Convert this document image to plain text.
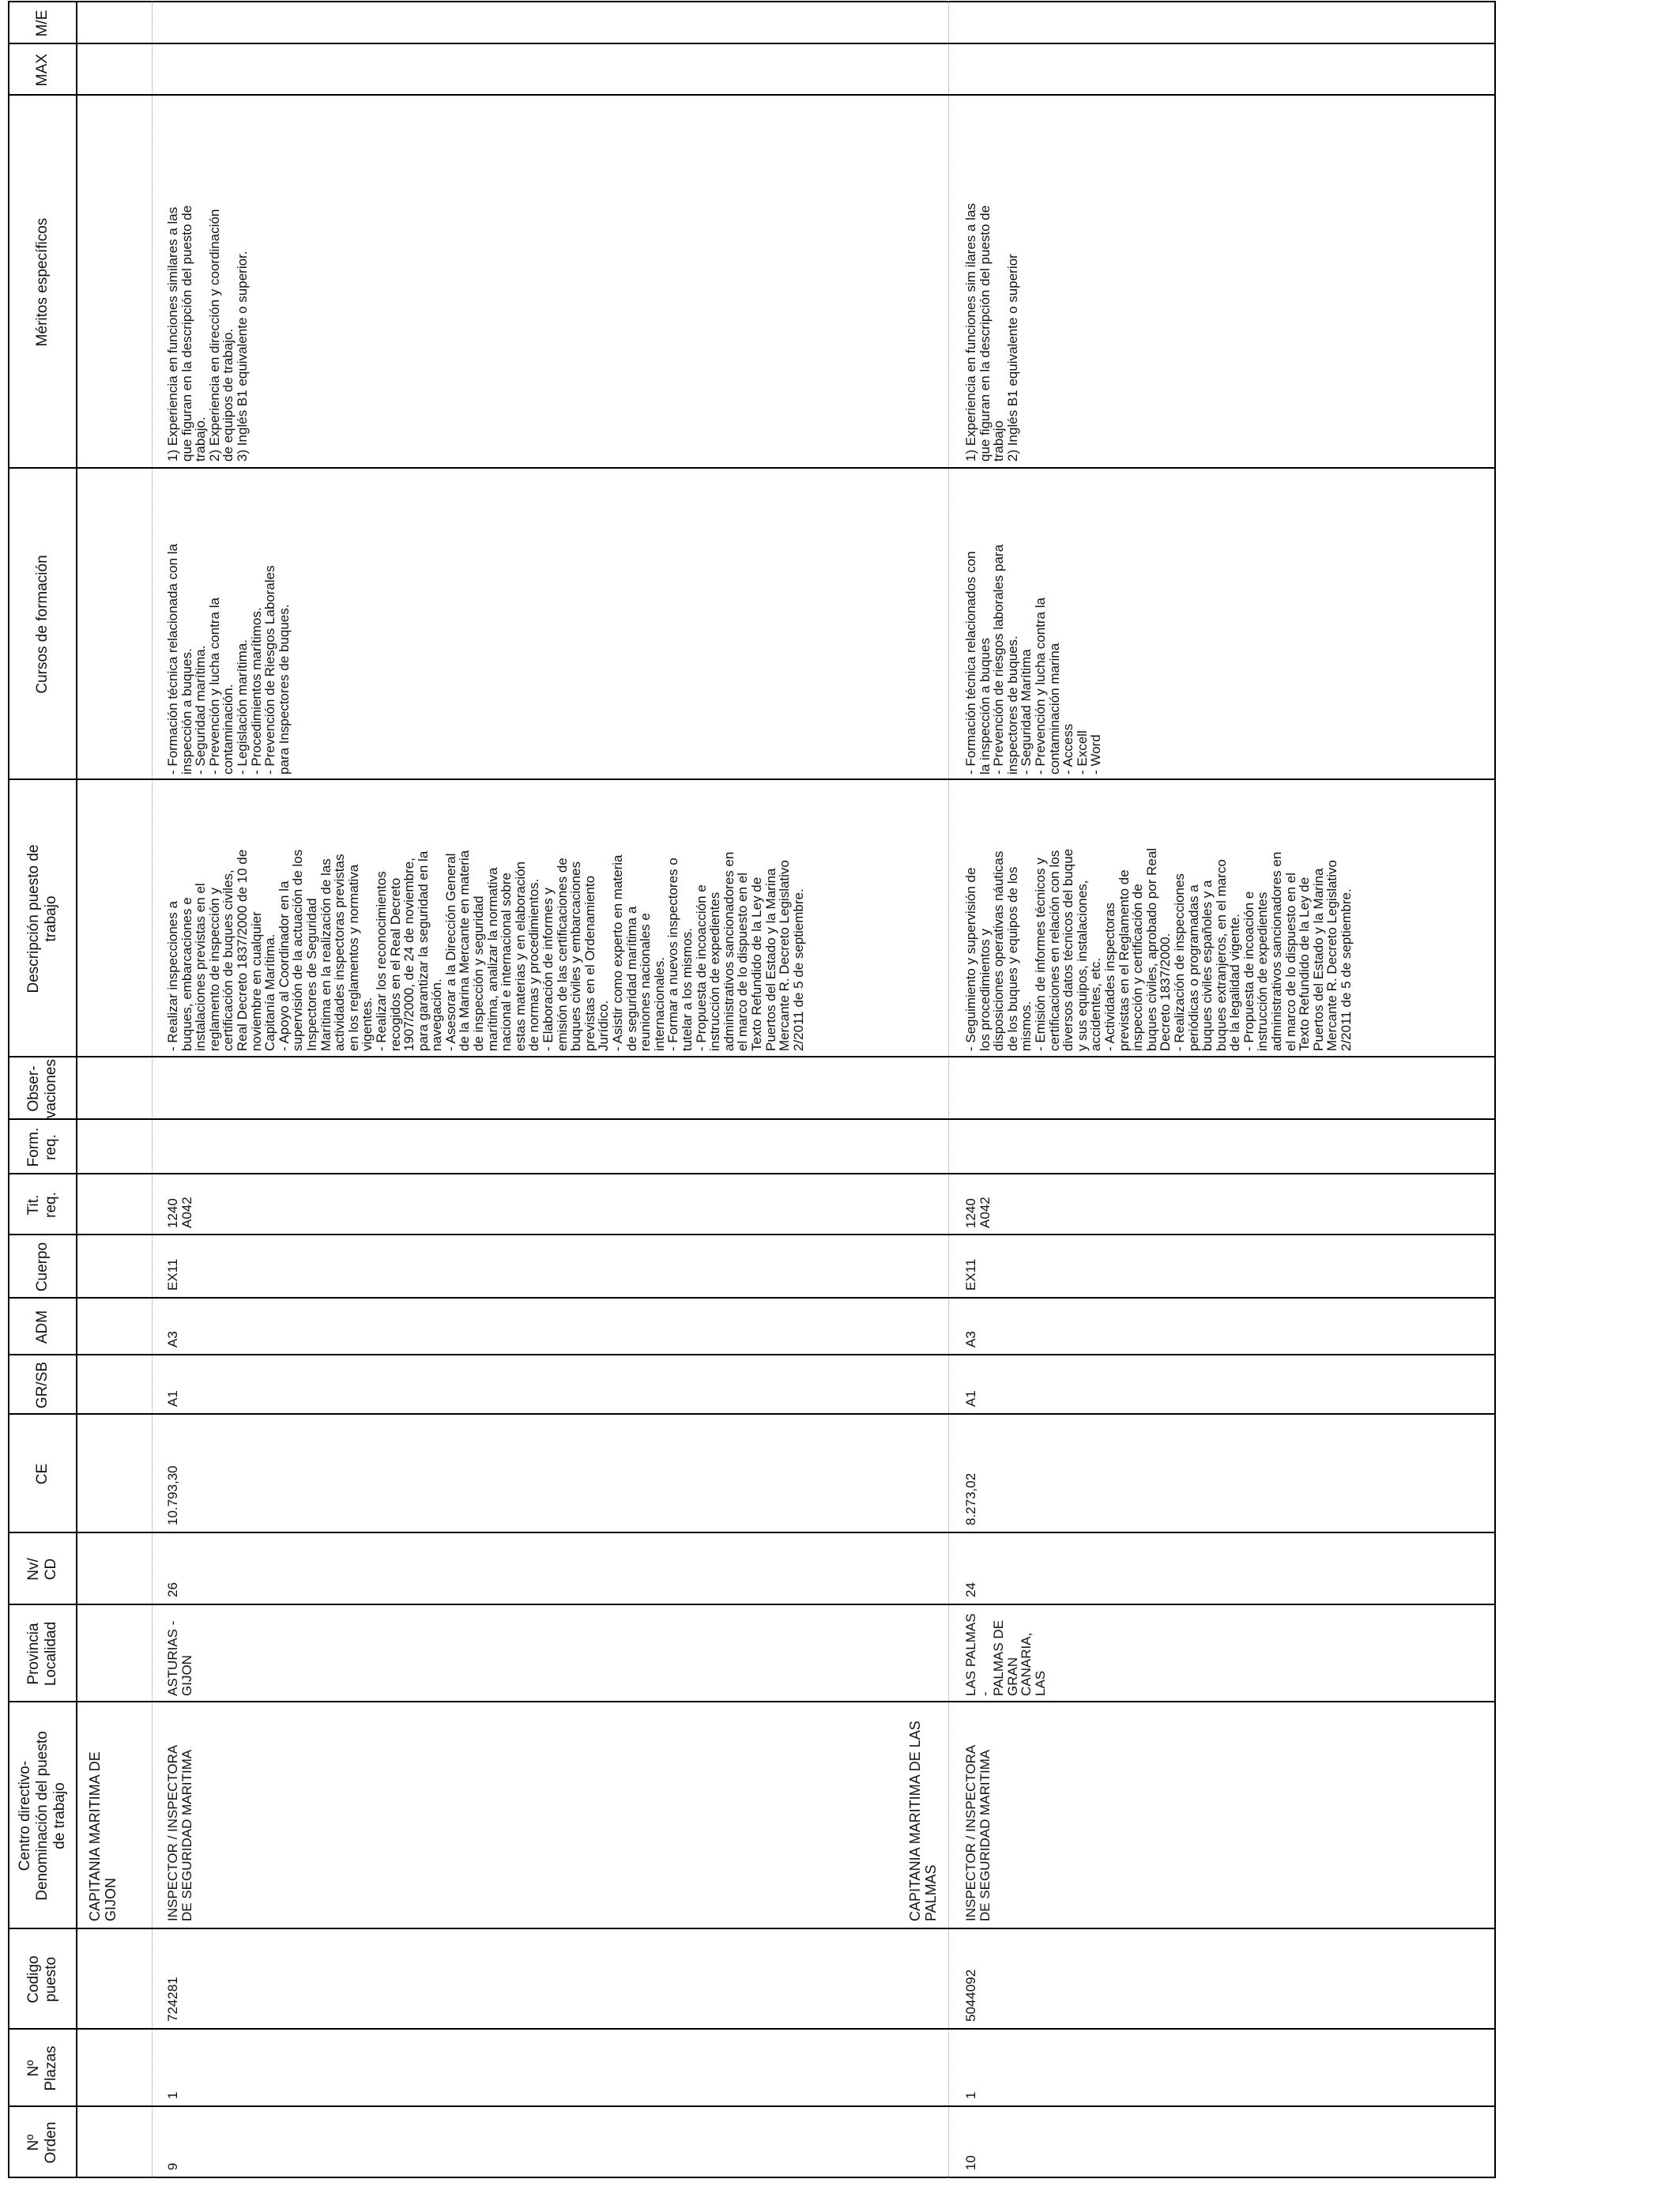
Nº
Orden
Nº
Plazas
Codigo
puesto
Centro directivo-
Denominación del puesto
de trabajo
Provincia
Localidad
Nv/
CD
CE
GR/SB
ADM
Cuerpo
Tit.
req.
Form.
req.
Obser-
vaciones
Descripción puesto de
trabajo
Cursos de formación
Méritos específicos
MAX
M/E
CAPITANIA MARITIMA DE
GIJON
9
1
724281
INSPECTOR / INSPECTORA
DE SEGURIDAD MARITIMA
ASTURIAS -
GIJON
26
10.793,30
A1
A3
EX11
1240
A042
- Realizar inspecciones a
buques, embarcaciones e
instalaciones previstas en el
reglamento de inspección y
certificación de buques civiles,
Real Decreto 1837/2000 de 10 de
noviembre en cualquier
Capitanía Marítima.
- Apoyo al Coordinador en la
supervisión de la actuación de los
Inspectores de Seguridad
Marítima en la realización de las
actividades inspectoras previstas
en los reglamentos y normativa
vigentes.
- Realizar los reconocimientos
recogidos en el Real Decreto
1907/2000, de 24 de noviembre,
para garantizar la seguridad en la
navegación.
- Asesorar a la Dirección General
de la Marina Mercante en materia
de inspección y seguridad
marítima, analizar la normativa
nacional e internacional sobre
estas materias y en elaboración
de normas y procedimientos.
- Elaboración de informes y
emisión de las certificaciones de
buques civiles y embarcaciones
previstas en el Ordenamiento
Jurídico.
- Asistir como experto en materia
de seguridad marítima a
reuniones nacionales e
internacionales.
- Formar a nuevos inspectores o
tutelar a los mismos.
- Propuesta de incoacción e
instrucción de expedientes
administrativos sancionadores en
el marco de lo dispuesto en el
Texto Refundido de la Ley de
Puertos del Estado y la Marina
Mercante R. Decreto Legislativo
2/2011 de 5 de septiembre.
- Formación técnica relacionada con la
inspección a buques.
- Seguridad marítima.
- Prevención y lucha contra la
contaminación.
- Legislación marítima.
- Procedimientos marítimos.
- Prevención de Riesgos Laborales
para Inspectores de buques.
1) Experiencia en funciones similares a las
que figuran en la descripción del puesto de
trabajo.
2) Experiencia en dirección y coordinación
de equipos de trabajo.
3) Inglés B1 equivalente o superior.
CAPITANIA MARITIMA DE LAS
PALMAS
10
1
5044092
INSPECTOR / INSPECTORA
DE SEGURIDAD MARITIMA
LAS PALMAS -
PALMAS DE
GRAN
CANARIA, LAS
24
8.273,02
A1
A3
EX11
1240
A042
- Seguimiento y supervisión de
los procedimientos y
disposiciones operativas náuticas
de los buques y equipos de los
mismos.
- Emisión de informes técnicos y
certificaciones en relación con los
diversos datos técnicos del buque
y sus equipos, instalaciones,
accidentes, etc.
- Actividades inspectoras
previstas en el Reglamento de
inspección y certificación de
buques civiles, aprobado por Real
Decreto 1837/2000.
- Realización de inspecciones
periódicas o programadas a
buques civiles españoles y a
buques extranjeros, en el marco
de la legalidad vigente.
- Propuesta de incoación e
instrucción de expedientes
administrativos sancionadores en
el marco de lo dispuesto en el
Texto Refundido de la Ley de
Puertos del Estado y la Marina
Mercante R. Decreto Legislativo
2/2011 de 5 de septiembre.
- Formación técnica relacionados con
la inspección a buques
- Prevención de riesgos laborales para
inspectores de buques.
- Seguridad Marítima
- Prevención y lucha contra la
contaminación marina
- Access
- Excell
- Word
1) Experiencia en funciones sim ilares a las
que figuran en la descripción del puesto de
trabajo
2) Inglés B1 equivalente o superior
